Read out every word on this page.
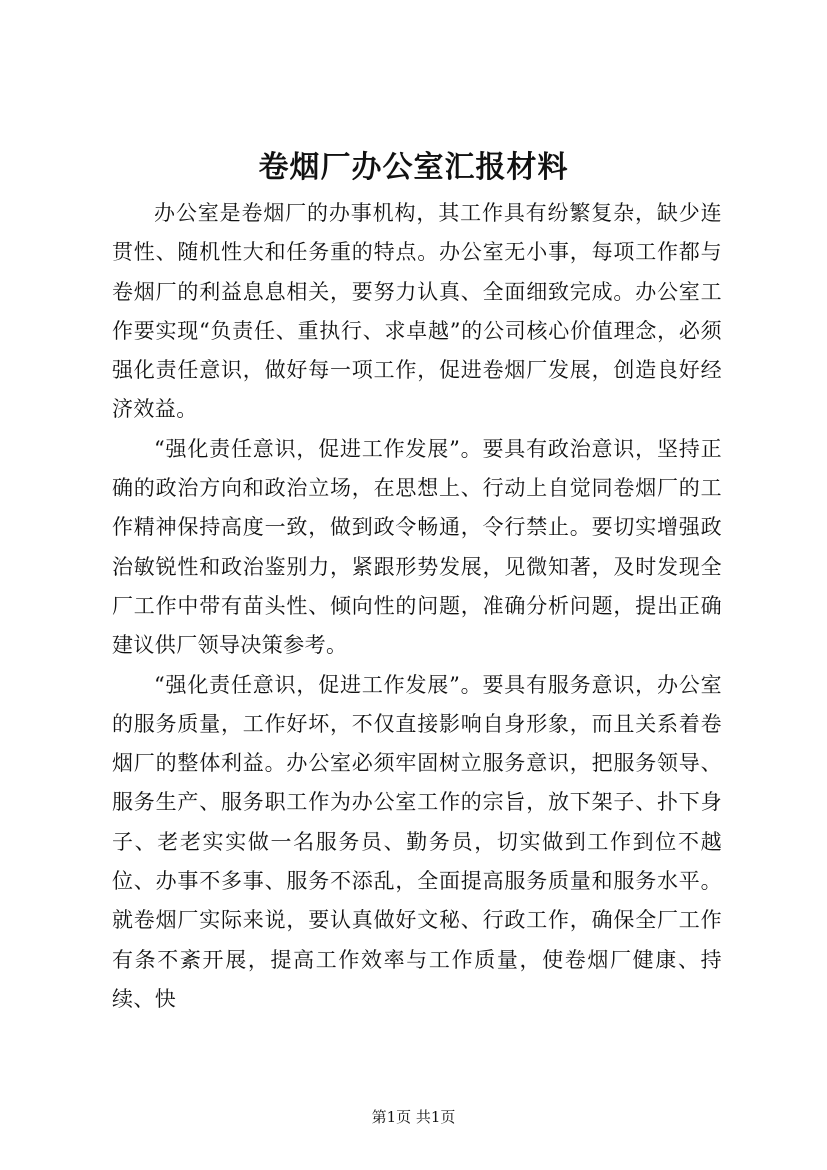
卷烟厂办公室汇报材料

办公室是卷烟厂的办事机构，其工作具有纷繁复杂，缺少连贯性、随机性大和任务重的特点。办公室无小事，每项工作都与卷烟厂的利益息息相关，要努力认真、全面细致完成。办公室工作要实现“负责任、重执行、求卓越”的公司核心价值理念，必须强化责任意识，做好每一项工作，促进卷烟厂发展，创造良好经济效益。

“强化责任意识，促进工作发展”。要具有政治意识，坚持正确的政治方向和政治立场，在思想上、行动上自觉同卷烟厂的工作精神保持高度一致，做到政令畅通，令行禁止。要切实增强政治敏锐性和政治鉴别力，紧跟形势发展，见微知著，及时发现全厂工作中带有苗头性、倾向性的问题，准确分析问题，提出正确建议供厂领导决策参考。

“强化责任意识，促进工作发展”。要具有服务意识，办公室的服务质量，工作好坏，不仅直接影响自身形象，而且关系着卷烟厂的整体利益。办公室必须牢固树立服务意识，把服务领导、服务生产、服务职工作为办公室工作的宗旨，放下架子、扑下身子、老老实实做一名服务员、勤务员，切实做到工作到位不越位、办事不多事、服务不添乱，全面提高服务质量和服务水平。就卷烟厂实际来说，要认真做好文秘、行政工作，确保全厂工作有条不紊开展，提高工作效率与工作质量，使卷烟厂健康、持续、快

第1页 共1页
